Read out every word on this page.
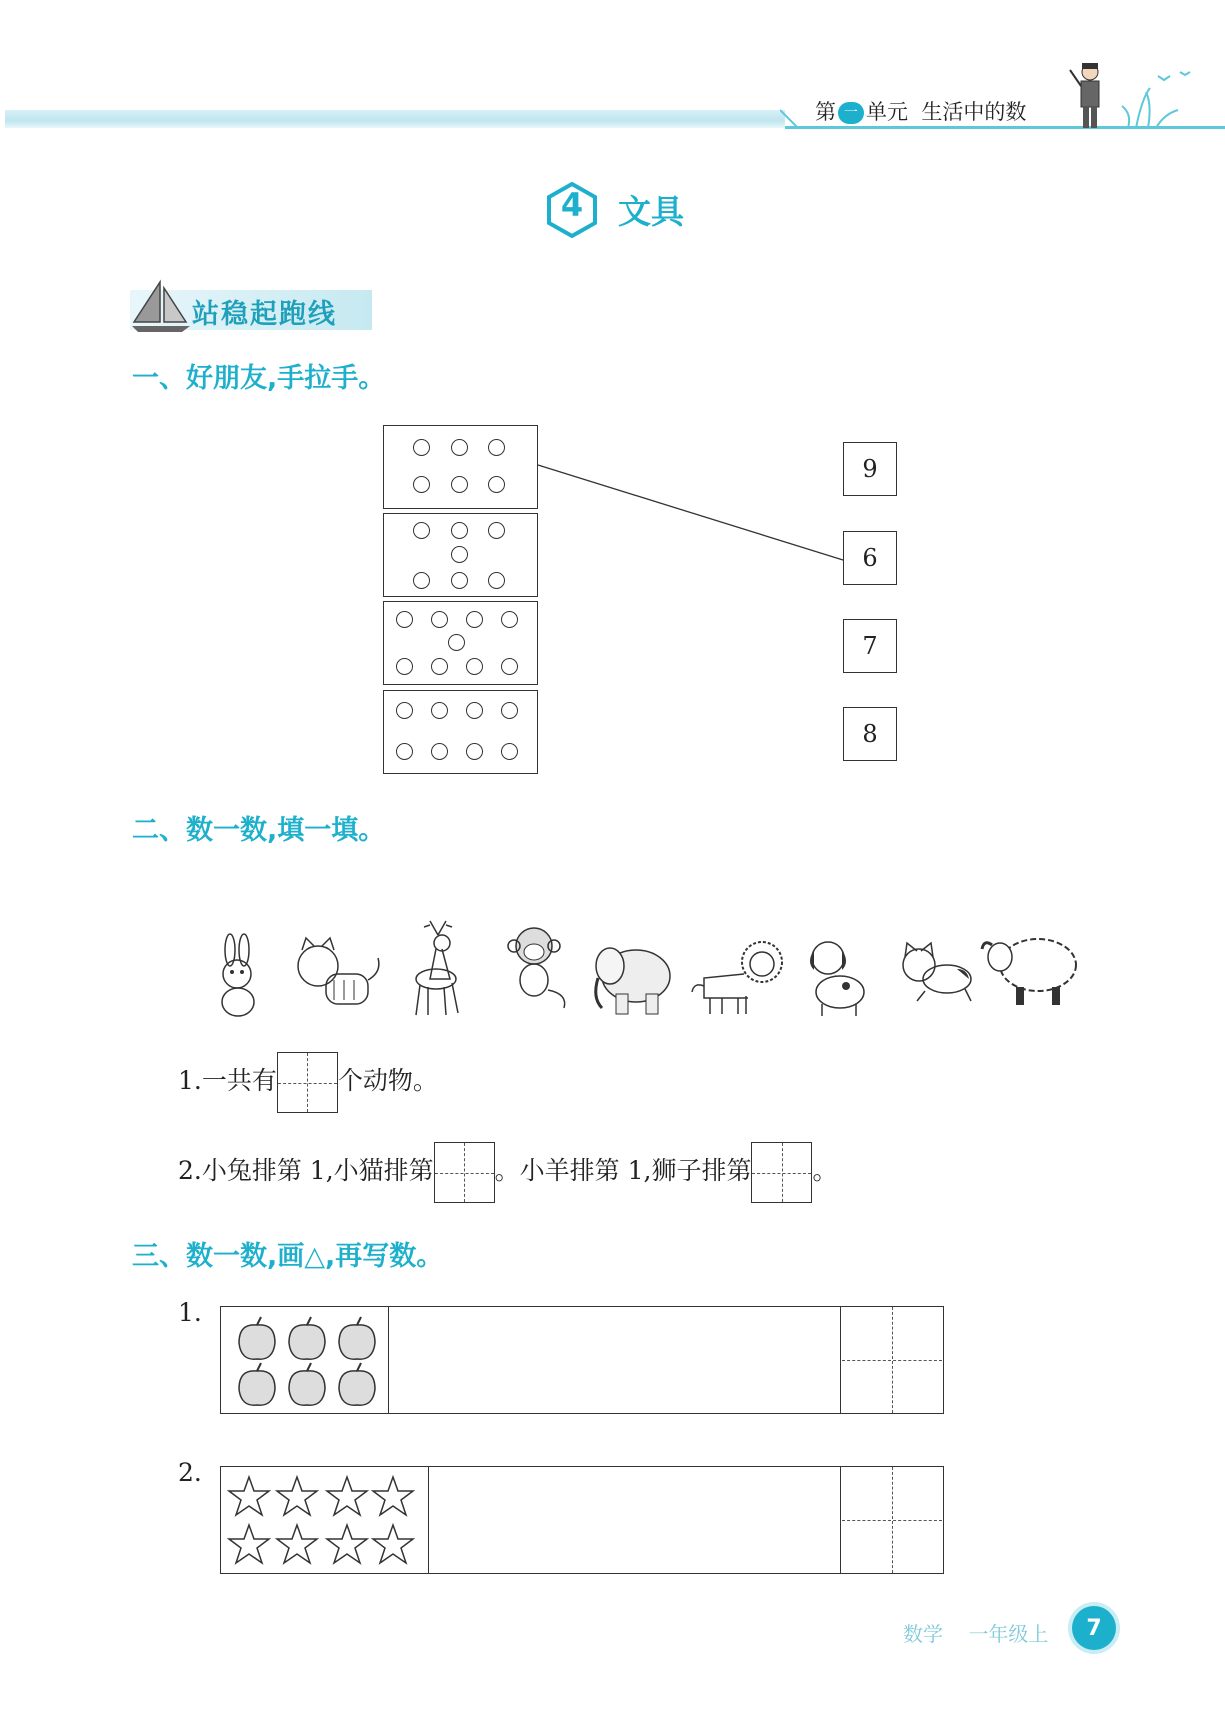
第 一 单元 生活中的数
4	文具
站稳起跑线
一、好朋友,手拉手。
9
6
7
8
二、数一数,填一填。
1.一共有 个动物。
2.小兔排第 1,小猫排第 。小羊排第 1,狮子排第 。
三、数一数,画△,再写数。
1.
2.
数学 一年级上	7
